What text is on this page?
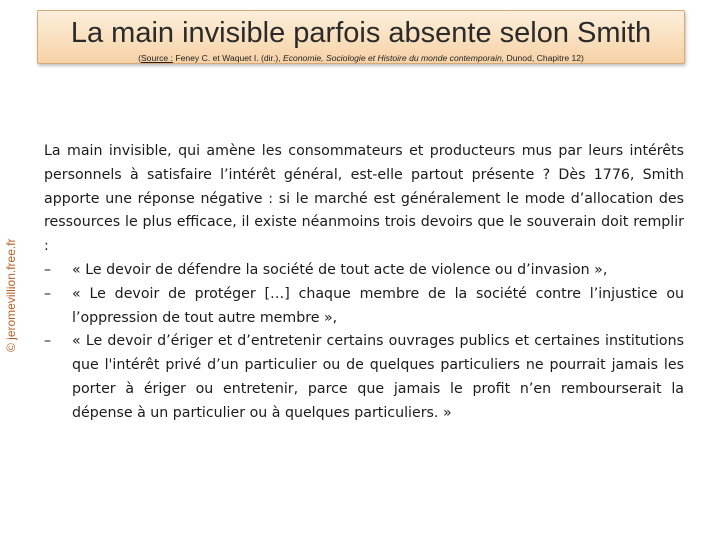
La main invisible parfois absente selon Smith
(Source : Feney C. et Waquet I. (dir.), Economie, Sociologie et Histoire du monde contemporain, Dunod, Chapitre 12)
© jeromevillion.free.fr

La main invisible, qui amène les consommateurs et producteurs mus par leurs intérêts personnels à satisfaire l’intérêt général, est-elle partout présente ? Dès 1776, Smith apporte une réponse négative : si le marché est généralement le mode d’allocation des ressources le plus efficace, il existe néanmoins trois devoirs que le souverain doit remplir :

– « Le devoir de défendre la société de tout acte de violence ou d’invasion »,
– « Le devoir de protéger […] chaque membre de la société contre l’injustice ou l’oppression de tout autre membre »,
– « Le devoir d’ériger et d’entretenir certains ouvrages publics et certaines institutions que l'intérêt privé d’un particulier ou de quelques particuliers ne pourrait jamais les porter à ériger ou entretenir, parce que jamais le profit n’en rembourserait la dépense à un particulier ou à quelques particuliers. »
